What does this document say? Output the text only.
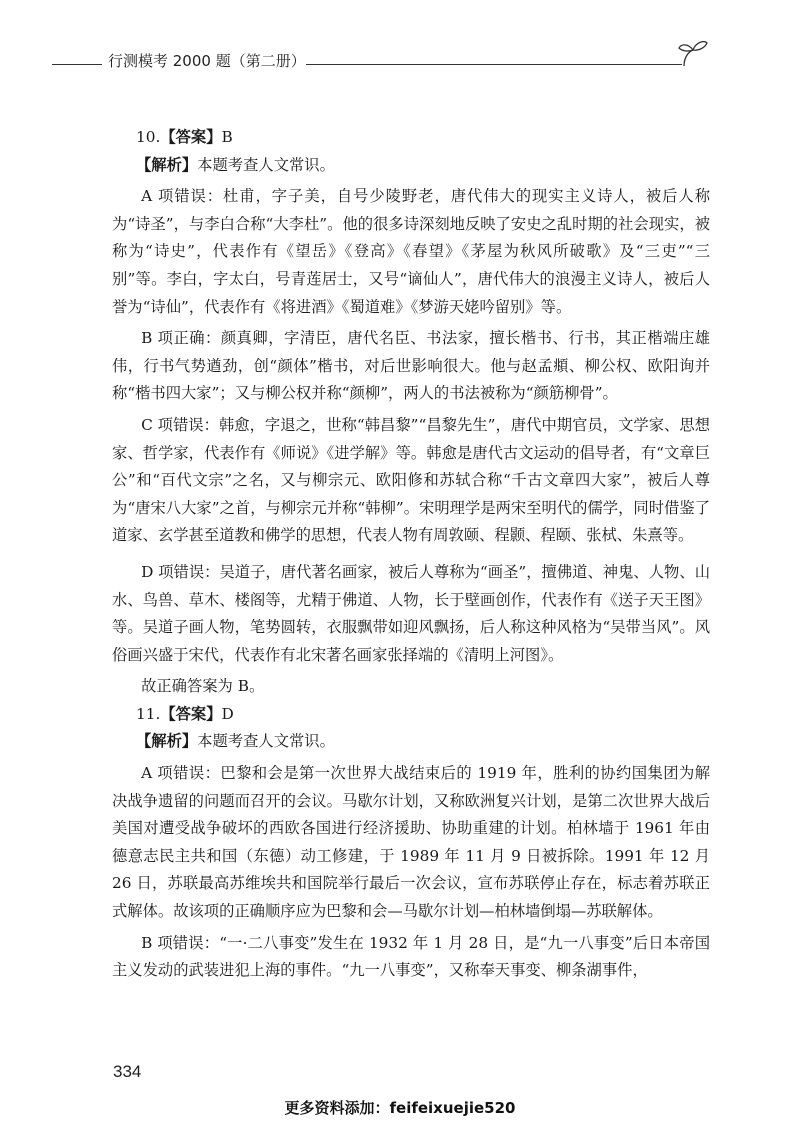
行测模考 2000 题（第二册）

10.【答案】B

【解析】本题考查人文常识。

A 项错误：杜甫，字子美，自号少陵野老，唐代伟大的现实主义诗人，被后人称为“诗圣”，与李白合称“大李杜”。他的很多诗深刻地反映了安史之乱时期的社会现实，被称为“诗史”，代表作有《望岳》《登高》《春望》《茅屋为秋风所破歌》及“三吏”“三别”等。李白，字太白，号青莲居士，又号“谪仙人”，唐代伟大的浪漫主义诗人，被后人誉为“诗仙”，代表作有《将进酒》《蜀道难》《梦游天姥吟留别》等。

B 项正确：颜真卿，字清臣，唐代名臣、书法家，擅长楷书、行书，其正楷端庄雄伟，行书气势遒劲，创“颜体”楷书，对后世影响很大。他与赵孟頫、柳公权、欧阳询并称“楷书四大家”；又与柳公权并称“颜柳”，两人的书法被称为“颜筋柳骨”。

C 项错误：韩愈，字退之，世称“韩昌黎”“昌黎先生”，唐代中期官员，文学家、思想家、哲学家，代表作有《师说》《进学解》等。韩愈是唐代古文运动的倡导者，有“文章巨公”和“百代文宗”之名，又与柳宗元、欧阳修和苏轼合称“千古文章四大家”，被后人尊为“唐宋八大家”之首，与柳宗元并称“韩柳”。宋明理学是两宋至明代的儒学，同时借鉴了道家、玄学甚至道教和佛学的思想，代表人物有周敦颐、程颢、程颐、张栻、朱熹等。

D 项错误：吴道子，唐代著名画家，被后人尊称为“画圣”，擅佛道、神鬼、人物、山水、鸟兽、草木、楼阁等，尤精于佛道、人物，长于壁画创作，代表作有《送子天王图》等。吴道子画人物，笔势圆转，衣服飘带如迎风飘扬，后人称这种风格为“吴带当风”。风俗画兴盛于宋代，代表作有北宋著名画家张择端的《清明上河图》。

故正确答案为 B。

11.【答案】D

【解析】本题考查人文常识。

A 项错误：巴黎和会是第一次世界大战结束后的 1919 年，胜利的协约国集团为解决战争遗留的问题而召开的会议。马歇尔计划，又称欧洲复兴计划，是第二次世界大战后美国对遭受战争破坏的西欧各国进行经济援助、协助重建的计划。柏林墙于 1961 年由德意志民主共和国（东德）动工修建，于 1989 年 11 月 9 日被拆除。1991 年 12 月 26 日，苏联最高苏维埃共和国院举行最后一次会议，宣布苏联停止存在，标志着苏联正式解体。故该项的正确顺序应为巴黎和会—马歇尔计划—柏林墙倒塌—苏联解体。

B 项错误：“一·二八事变”发生在 1932 年 1 月 28 日，是“九一八事变”后日本帝国主义发动的武装进犯上海的事件。“九一八事变”，又称奉天事变、柳条湖事件，

334
更多资料添加：feifeixuejie520
